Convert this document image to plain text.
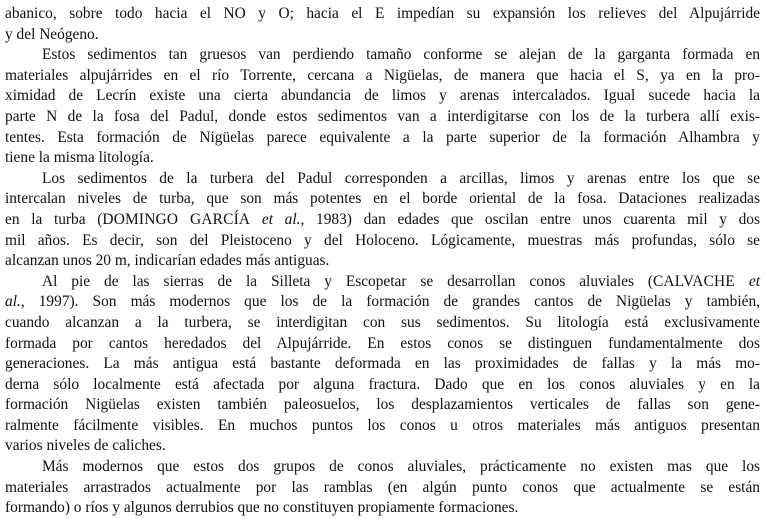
abanico, sobre todo hacia el NO y O; hacia el E impedían su expansión los relieves del Alpujárride
y del Neógeno.
Estos sedimentos tan gruesos van perdiendo tamaño conforme se alejan de la garganta formada en
materiales alpujárrides en el río Torrente, cercana a Nigüelas, de manera que hacia el S, ya en la pro-
ximidad de Lecrín existe una cierta abundancia de limos y arenas intercalados. Igual sucede hacia la
parte N de la fosa del Padul, donde estos sedimentos van a interdigitarse con los de la turbera allí exis-
tentes. Esta formación de Nigüelas parece equivalente a la parte superior de la formación Alhambra y
tiene la misma litología.
Los sedimentos de la turbera del Padul corresponden a arcillas, limos y arenas entre los que se
intercalan niveles de turba, que son más potentes en el borde oriental de la fosa. Dataciones realizadas
en la turba (DOMINGO GARCÍA et al., 1983) dan edades que oscilan entre unos cuarenta mil y dos
mil años. Es decir, son del Pleistoceno y del Holoceno. Lógicamente, muestras más profundas, sólo se
alcanzan unos 20 m, indicarían edades más antiguas.
Al pie de las sierras de la Silleta y Escopetar se desarrollan conos aluviales (CALVACHE et
al., 1997). Son más modernos que los de la formación de grandes cantos de Nigüelas y también,
cuando alcanzan a la turbera, se interdigitan con sus sedimentos. Su litología está exclusivamente
formada por cantos heredados del Alpujárride. En estos conos se distinguen fundamentalmente dos
generaciones. La más antigua está bastante deformada en las proximidades de fallas y la más mo-
derna sólo localmente está afectada por alguna fractura. Dado que en los conos aluviales y en la
formación Nigüelas existen también paleosuelos, los desplazamientos verticales de fallas son gene-
ralmente fácilmente visibles. En muchos puntos los conos u otros materiales más antiguos presentan
varios niveles de caliches.
Más modernos que estos dos grupos de conos aluviales, prácticamente no existen mas que los
materiales arrastrados actualmente por las ramblas (en algún punto conos que actualmente se están
formando) o ríos y algunos derrubios que no constituyen propiamente formaciones.
